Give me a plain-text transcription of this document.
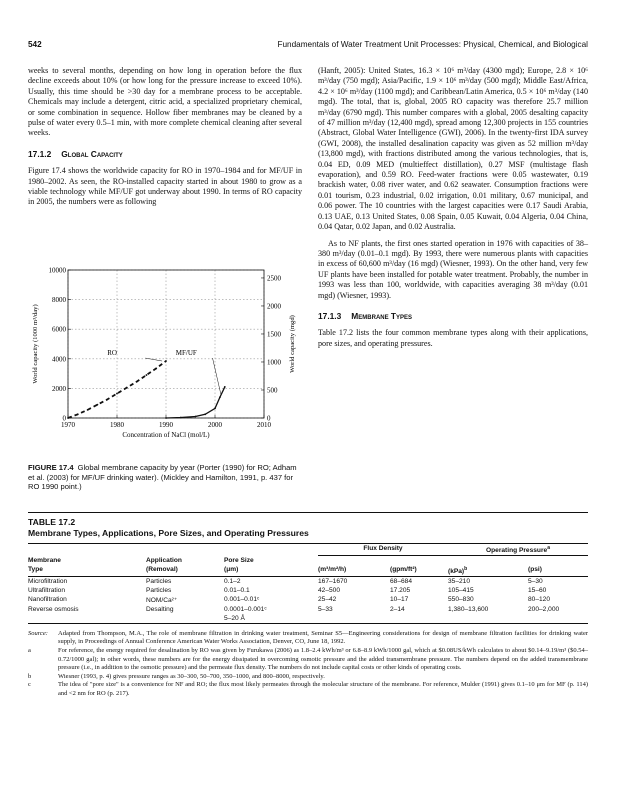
542	Fundamentals of Water Treatment Unit Processes: Physical, Chemical, and Biological

weeks to several months, depending on how long in operation before the flux decline exceeds about 10% (or how long for the pressure increase to exceed 10%). Usually, this time should be >30 day for a membrane process to be acceptable. Chemicals may include a detergent, citric acid, a specialized proprietary chemical, or some combination in sequence. Hollow fiber membranes may be cleaned by a pulse of water every 0.5–1 min, with more complete chemical cleaning after several weeks.

17.1.2 Global Capacity

Figure 17.4 shows the worldwide capacity for RO in 1970–1984 and for MF/UF in 1980–2002. As seen, the RO-installed capacity started in about 1980 to grow as a viable technology while MF/UF got underway about 1990. In terms of RO capacity in 2005, the numbers were as following

0
2000
4000
6000
8000
10000
0
500
1000
1500
2000
2500
1970	1980	1990	2000	2010
Concentration of NaCl (mol/L)
World capacity (1000 m³/day)	World capacity (mgd)
RO	MF/UF
FIGURE 17.4 Global membrane capacity by year (Porter (1990) for RO; Adham et al. (2003) for MF/UF drinking water). (Mickley and Hamilton, 1991, p. 437 for RO 1990 point.)

(Hanft, 2005): United States, 16.3 × 10⁶ m³/day (4300 mgd); Europe, 2.8 × 10⁶ m³/day (750 mgd); Asia/Pacific, 1.9 × 10⁶ m³/day (500 mgd); Middle East/Africa, 4.2 × 10⁶ m³/day (1100 mgd); and Caribbean/Latin America, 0.5 × 10⁶ m³/day (140 mgd). The total, that is, global, 2005 RO capacity was therefore 25.7 million m³/day (6790 mgd). This number compares with a global, 2005 desalting capacity of 47 million m³/day (12,400 mgd), spread among 12,300 projects in 155 countries (Abstract, Global Water Intelligence (GWI), 2006). In the twenty-first IDA survey (GWI, 2008), the installed desalination capacity was given as 52 million m³/day (13,800 mgd), with fractions distributed among the various technologies, that is, 0.04 ED, 0.09 MED (multieffect distillation), 0.27 MSF (multistage flash evaporation), and 0.59 RO. Feed-water fractions were 0.05 wastewater, 0.19 brackish water, 0.08 river water, and 0.62 seawater. Consumption fractions were 0.01 tourism, 0.23 industrial, 0.02 irrigation, 0.01 military, 0.67 municipal, and 0.06 power. The 10 countries with the largest capacities were 0.17 Saudi Arabia, 0.13 UAE, 0.13 United States, 0.08 Spain, 0.05 Kuwait, 0.04 Algeria, 0.04 China, 0.04 Qatar, 0.02 Japan, and 0.02 Australia.

As to NF plants, the first ones started operation in 1976 with capacities of 38–380 m³/day (0.01–0.1 mgd). By 1993, there were numerous plants with capacities in excess of 60,600 m³/day (16 mgd) (Wiesner, 1993). On the other hand, very few UF plants have been installed for potable water treatment. Probably, the number in 1993 was less than 100, worldwide, with capacities averaging 38 m³/day (0.01 mgd) (Wiesner, 1993).

17.1.3 Membrane Types

Table 17.2 lists the four common membrane types along with their applications, pore sizes, and operating pressures.

TABLE 17.2
Membrane Types, Applications, Pore Sizes, and Operating Pressures
			Flux Density		Operating Pressure$^a$
Membrane	Application	Pore Size				
Type	(Removal)	(μm)	(m³/m²/h)	(gpm/ft²)	(kPa)$^b$	(psi)
Microfiltration	Particles	0.1–2	167–1670	68–684	35–210	5–30
Ultrafiltration	Particles	0.01–0.1	42–500	17.205	105–415	15–60
Nanofiltration	NOM/Ca²⁺	0.001–0.01ᶜ	25–42	10–17	550–830	80–120
Reverse osmosis	Desalting	0.0001–0.001ᶜ	5–33	2–14	1,380–13,600	200–2,000
		5–20 Å				
Source:	Adapted from Thompson, M.A., The role of membrane filtration in drinking water treatment, Seminar S5—Engineering considerations for design of membrane filtration facilities for drinking water supply, in Proceedings of Annual Conference American Water Works Association, Denver, CO, June 18, 1992.
a	For reference, the energy required for desalination by RO was given by Furukawa (2006) as 1.8–2.4 kWh/m³ or 6.8–8.9 kWh/1000 gal, which at $0.08US/kWh calculates to about $0.14–9.19/m³ ($0.54–0.72/1000 gal); in other words, these numbers are for the energy dissipated in overcoming osmotic pressure and the added transmembrane pressure. The numbers depend on the added transmembrane pressure (i.e., in addition to the osmotic pressure) and the permeate flux density. The numbers do not include capital costs or other kinds of operating costs.
b	Wiesner (1993, p. 4) gives pressure ranges as 30–300, 50–700, 350–1000, and 800–8000, respectively.
c	The idea of "pore size" is a convenience for NF and RO; the flux most likely permeates through the molecular structure of the membrane. For reference, Mulder (1991) gives 0.1–10 μm for MF (p. 114) and <2 nm for RO (p. 217).
